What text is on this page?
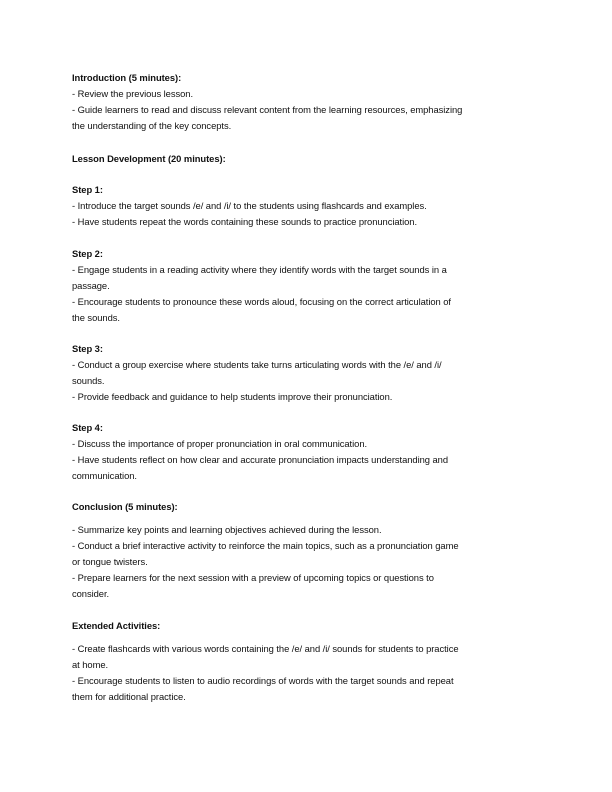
Introduction (5 minutes):
- Review the previous lesson.
- Guide learners to read and discuss relevant content from the learning resources, emphasizing
the understanding of the key concepts.
Lesson Development (20 minutes):
Step 1:
- Introduce the target sounds /e/ and /i/ to the students using flashcards and examples.
- Have students repeat the words containing these sounds to practice pronunciation.
Step 2:
- Engage students in a reading activity where they identify words with the target sounds in a
passage.
- Encourage students to pronounce these words aloud, focusing on the correct articulation of
the sounds.
Step 3:
- Conduct a group exercise where students take turns articulating words with the /e/ and /i/
sounds.
- Provide feedback and guidance to help students improve their pronunciation.
Step 4:
- Discuss the importance of proper pronunciation in oral communication.
- Have students reflect on how clear and accurate pronunciation impacts understanding and
communication.
Conclusion (5 minutes):
- Summarize key points and learning objectives achieved during the lesson.
- Conduct a brief interactive activity to reinforce the main topics, such as a pronunciation game
or tongue twisters.
- Prepare learners for the next session with a preview of upcoming topics or questions to
consider.
Extended Activities:
- Create flashcards with various words containing the /e/ and /i/ sounds for students to practice
at home.
- Encourage students to listen to audio recordings of words with the target sounds and repeat
them for additional practice.
